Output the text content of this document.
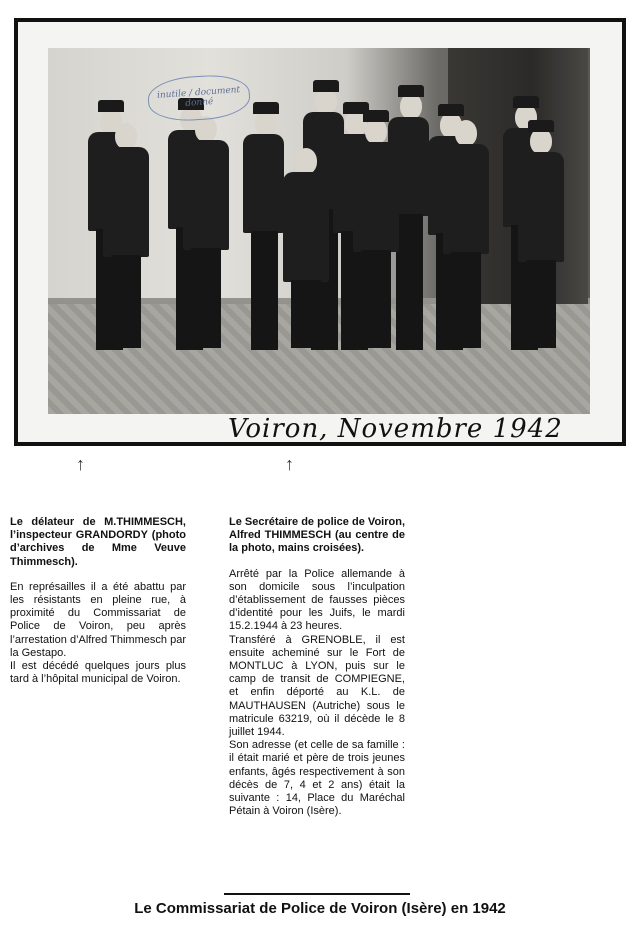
inutile / document donné
Voiron, Novembre 1942
↑	↑

Le délateur de M.THIMMESCH, l’inspecteur GRANDORDY (photo d’archives de Mme Veuve Thimmesch).

En représailles il a été abattu par les résistants en pleine rue, à proximité du Commissariat de Police de Voiron, peu après l’arrestation d’Alfred Thimmesch par la Gestapo.

Il est décédé quelques jours plus tard à l’hôpital municipal de Voiron.

Le Secrétaire de police de Voiron, Alfred THIMMESCH (au centre de la photo, mains croisées).

Arrêté par la Police allemande à son domicile sous l’inculpation d’établissement de fausses pièces d’identité pour les Juifs, le mardi 15.2.1944 à 23 heures.

Transféré à GRENOBLE, il est ensuite acheminé sur le Fort de MONTLUC à LYON, puis sur le camp de transit de COMPIEGNE, et enfin déporté au K.L. de MAUTHAUSEN (Autriche) sous le matricule 63219, où il décède le 8 juillet 1944.

Son adresse (et celle de sa famille : il était marié et père de trois jeunes enfants, âgés respectivement à son décès de 7, 4 et 2 ans) était la suivante : 14, Place du Maréchal Pétain à Voiron (Isère).

Le Commissariat de Police de Voiron (Isère) en 1942
